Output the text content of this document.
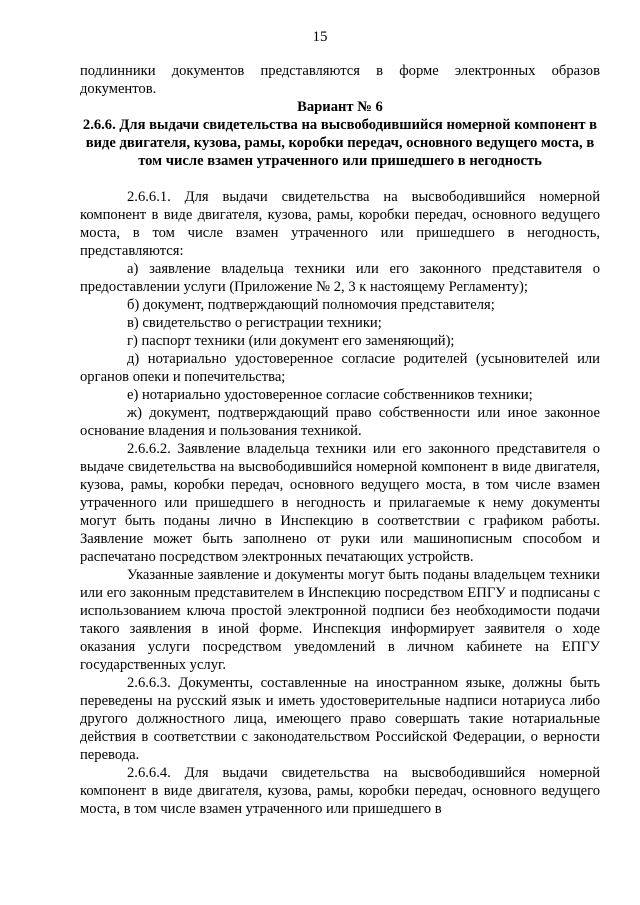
15

подлинники документов представляются в форме электронных образов документов.

Вариант № 6

2.6.6. Для выдачи свидетельства на высвободившийся номерной компонент в виде двигателя, кузова, рамы, коробки передач, основного ведущего моста, в том числе взамен утраченного или пришедшего в негодность

2.6.6.1. Для выдачи свидетельства на высвободившийся номерной компонент в виде двигателя, кузова, рамы, коробки передач, основного ведущего моста, в том числе взамен утраченного или пришедшего в негодность, представляются:

а) заявление владельца техники или его законного представителя о предоставлении услуги (Приложение № 2, 3 к настоящему Регламенту);

б) документ, подтверждающий полномочия представителя;

в) свидетельство о регистрации техники;

г) паспорт техники (или документ его заменяющий);

д) нотариально удостоверенное согласие родителей (усыновителей или органов опеки и попечительства;

е) нотариально удостоверенное согласие собственников техники;

ж) документ, подтверждающий право собственности или иное законное основание владения и пользования техникой.

2.6.6.2. Заявление владельца техники или его законного представителя о выдаче свидетельства на высвободившийся номерной компонент в виде двигателя, кузова, рамы, коробки передач, основного ведущего моста, в том числе взамен утраченного или пришедшего в негодность и прилагаемые к нему документы могут быть поданы лично в Инспекцию в соответствии с графиком работы. Заявление может быть заполнено от руки или машинописным способом и распечатано посредством электронных печатающих устройств.

Указанные заявление и документы могут быть поданы владельцем техники или его законным представителем в Инспекцию посредством ЕПГУ и подписаны с использованием ключа простой электронной подписи без необходимости подачи такого заявления в иной форме. Инспекция информирует заявителя о ходе оказания услуги посредством уведомлений в личном кабинете на ЕПГУ государственных услуг.

2.6.6.3. Документы, составленные на иностранном языке, должны быть переведены на русский язык и иметь удостоверительные надписи нотариуса либо другого должностного лица, имеющего право совершать такие нотариальные действия в соответствии с законодательством Российской Федерации, о верности перевода.

2.6.6.4. Для выдачи свидетельства на высвободившийся номерной компонент в виде двигателя, кузова, рамы, коробки передач, основного ведущего моста, в том числе взамен утраченного или пришедшего в
